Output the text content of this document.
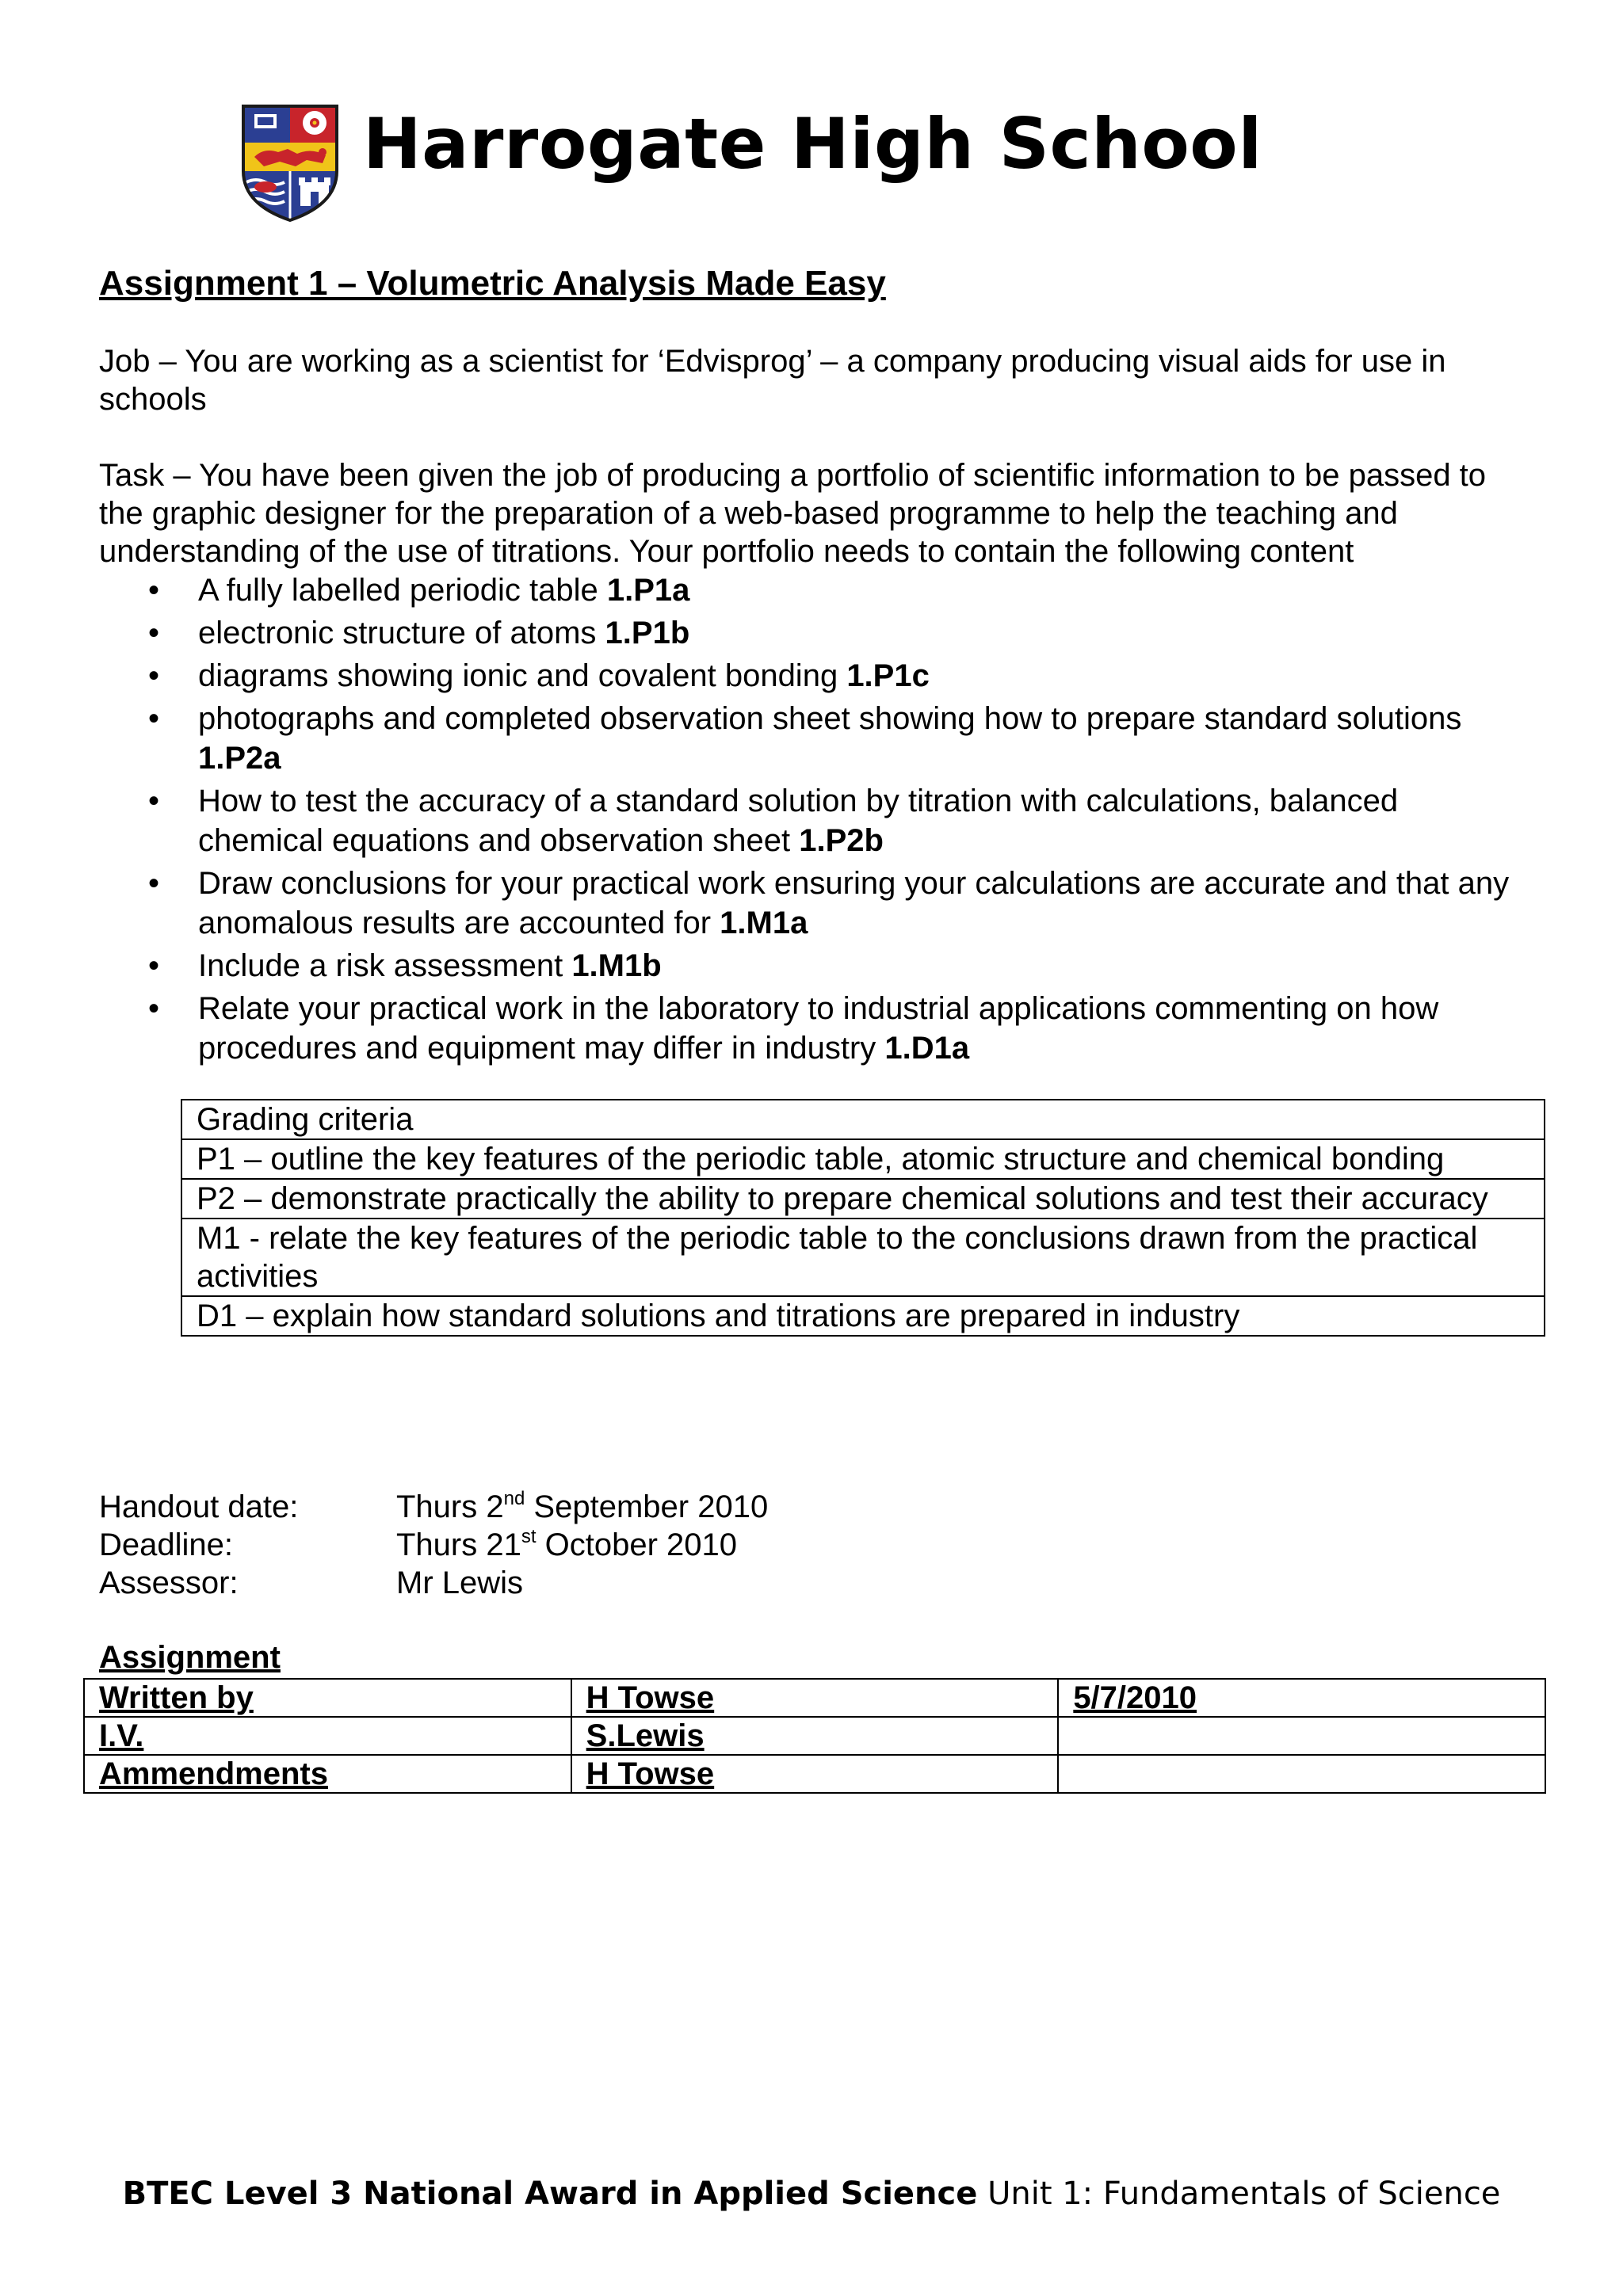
Harrogate High School
Assignment 1 – Volumetric Analysis Made Easy
Job – You are working as a scientist for ‘Edvisprog’ – a company producing visual aids for use in schools
Task – You have been given the job of producing a portfolio of scientific information to be passed to the graphic designer for the preparation of a web-based programme to help the teaching and understanding of the use of titrations. Your portfolio needs to contain the following content
• A fully labelled periodic table 1.P1a
• electronic structure of atoms 1.P1b
• diagrams showing ionic and covalent bonding 1.P1c
• photographs and completed observation sheet showing how to prepare standard solutions 1.P2a
• How to test the accuracy of a standard solution by titration with calculations, balanced chemical equations and observation sheet 1.P2b
• Draw conclusions for your practical work ensuring your calculations are accurate and that any anomalous results are accounted for 1.M1a
• Include a risk assessment 1.M1b
• Relate your practical work in the laboratory to industrial applications commenting on how procedures and equipment may differ in industry 1.D1a
Grading criteria
P1 – outline the key features of the periodic table, atomic structure and chemical bonding
P2 – demonstrate practically the ability to prepare chemical solutions and test their accuracy
M1 - relate the key features of the periodic table to the conclusions drawn from the practical activities
D1 – explain how standard solutions and titrations are prepared in industry
Handout date:	Thurs 2nd September 2010
Deadline:	Thurs 21st October 2010
Assessor:	Mr Lewis
Assignment
Written by	H Towse	5/7/2010
I.V.	S.Lewis	
Ammendments	H Towse	
BTEC Level 3 National Award in Applied Science Unit 1: Fundamentals of Science
